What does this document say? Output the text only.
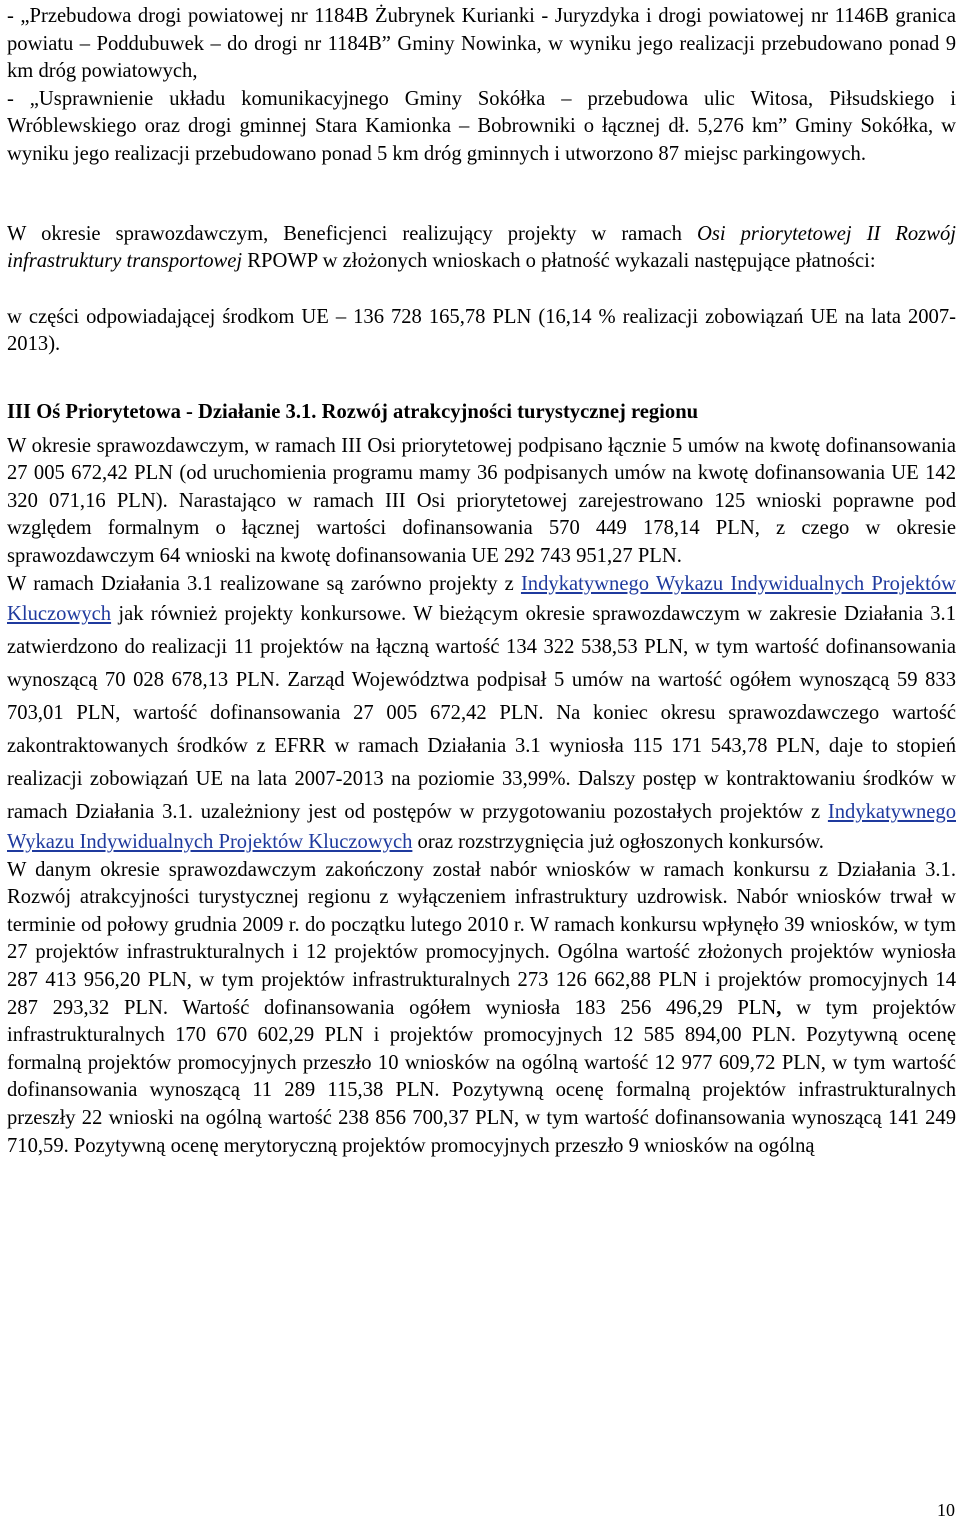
- „Przebudowa drogi powiatowej nr 1184B Żubrynek Kurianki - Juryzdyka i drogi powiatowej nr 1146B granica powiatu – Poddubuwek – do drogi nr 1184B” Gminy Nowinka, w wyniku jego realizacji przebudowano ponad 9 km dróg powiatowych,

- „Usprawnienie układu komunikacyjnego Gminy Sokółka – przebudowa ulic Witosa, Piłsudskiego i Wróblewskiego oraz drogi gminnej Stara Kamionka – Bobrowniki o łącznej dł. 5,276 km” Gminy Sokółka, w wyniku jego realizacji przebudowano ponad 5 km dróg gminnych i utworzono 87 miejsc parkingowych.

W okresie sprawozdawczym, Beneficjenci realizujący projekty w ramach Osi priorytetowej II Rozwój infrastruktury transportowej RPOWP w złożonych wnioskach o płatność wykazali następujące płatności:

w części odpowiadającej środkom UE – 136 728 165,78 PLN (16,14 % realizacji zobowiązań UE na lata 2007-2013).

III Oś Priorytetowa - Działanie 3.1. Rozwój atrakcyjności turystycznej regionu

W okresie sprawozdawczym, w ramach III Osi priorytetowej podpisano łącznie 5 umów na kwotę dofinansowania 27 005 672,42 PLN (od uruchomienia programu mamy 36 podpisanych umów na kwotę dofinansowania UE 142 320 071,16 PLN). Narastająco w ramach III Osi priorytetowej zarejestrowano 125 wnioski poprawne pod względem formalnym o łącznej wartości dofinansowania 570 449 178,14 PLN, z czego w okresie sprawozdawczym 64 wnioski na kwotę dofinansowania UE 292 743 951,27 PLN.

W ramach Działania 3.1 realizowane są zarówno projekty z Indykatywnego Wykazu Indywidualnych Projektów Kluczowych jak również projekty konkursowe. W bieżącym okresie sprawozdawczym w zakresie Działania 3.1 zatwierdzono do realizacji 11 projektów na łączną wartość 134 322 538,53 PLN, w tym wartość dofinansowania wynoszącą 70 028 678,13 PLN. Zarząd Województwa podpisał 5 umów na wartość ogółem wynoszącą 59 833 703,01 PLN, wartość dofinansowania 27 005 672,42 PLN. Na koniec okresu sprawozdawczego wartość zakontraktowanych środków z EFRR w ramach Działania 3.1 wyniosła 115 171 543,78 PLN, daje to stopień realizacji zobowiązań UE na lata 2007-2013 na poziomie 33,99%. Dalszy postęp w kontraktowaniu środków w ramach Działania 3.1. uzależniony jest od postępów w przygotowaniu pozostałych projektów z Indykatywnego Wykazu Indywidualnych Projektów Kluczowych oraz rozstrzygnięcia już ogłoszonych konkursów.

W danym okresie sprawozdawczym zakończony został nabór wniosków w ramach konkursu z Działania 3.1. Rozwój atrakcyjności turystycznej regionu z wyłączeniem infrastruktury uzdrowisk. Nabór wniosków trwał w terminie od połowy grudnia 2009 r. do początku lutego 2010 r. W ramach konkursu wpłynęło 39 wniosków, w tym 27 projektów infrastrukturalnych i 12 projektów promocyjnych. Ogólna wartość złożonych projektów wyniosła 287 413 956,20 PLN, w tym projektów infrastrukturalnych 273 126 662,88 PLN i projektów promocyjnych 14 287 293,32 PLN. Wartość dofinansowania ogółem wyniosła 183 256 496,29 PLN, w tym projektów infrastrukturalnych 170 670 602,29 PLN i projektów promocyjnych 12 585 894,00 PLN. Pozytywną ocenę formalną projektów promocyjnych przeszło 10 wniosków na ogólną wartość 12 977 609,72 PLN, w tym wartość dofinansowania wynoszącą 11 289 115,38 PLN. Pozytywną ocenę formalną projektów infrastrukturalnych przeszły 22 wnioski na ogólną wartość 238 856 700,37 PLN, w tym wartość dofinansowania wynoszącą 141 249 710,59. Pozytywną ocenę merytoryczną projektów promocyjnych przeszło 9 wniosków na ogólną

10
